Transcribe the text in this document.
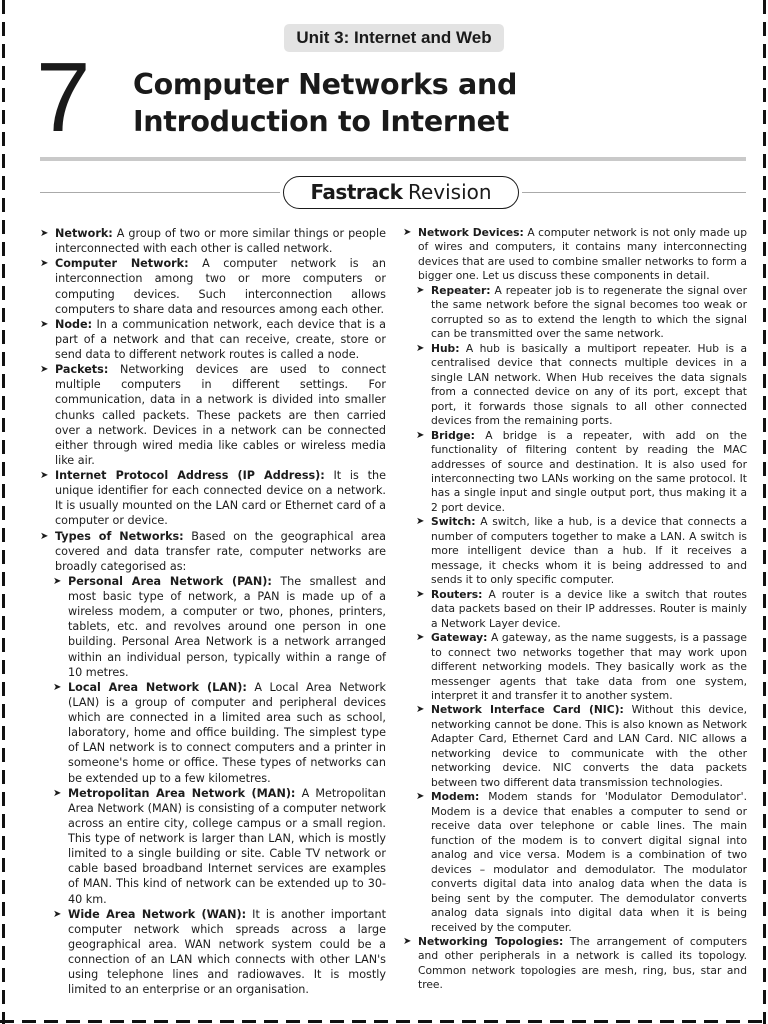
Unit 3: Internet and Web
7 Computer Networks and
Introduction to Internet
Fastrack Revision
➤ Network: A group of two or more similar things or people interconnected with each other is called network.
➤ Computer Network: A computer network is an interconnection among two or more computers or computing devices. Such interconnection allows computers to share data and resources among each other.
➤ Node: In a communication network, each device that is a part of a network and that can receive, create, store or send data to different network routes is called a node.
➤ Packets: Networking devices are used to connect multiple computers in different settings. For communication, data in a network is divided into smaller chunks called packets. These packets are then carried over a network. Devices in a network can be connected either through wired media like cables or wireless media like air.
➤ Internet Protocol Address (IP Address): It is the unique identifier for each connected device on a network. It is usually mounted on the LAN card or Ethernet card of a computer or device.
➤ Types of Networks: Based on the geographical area covered and data transfer rate, computer networks are broadly categorised as:
➤ Personal Area Network (PAN): The smallest and most basic type of network, a PAN is made up of a wireless modem, a computer or two, phones, printers, tablets, etc. and revolves around one person in one building. Personal Area Network is a network arranged within an individual person, typically within a range of 10 metres.
➤ Local Area Network (LAN): A Local Area Network (LAN) is a group of computer and peripheral devices which are connected in a limited area such as school, laboratory, home and office building. The simplest type of LAN network is to connect computers and a printer in someone's home or office. These types of networks can be extended up to a few kilometres.
➤ Metropolitan Area Network (MAN): A Metropolitan Area Network (MAN) is consisting of a computer network across an entire city, college campus or a small region. This type of network is larger than LAN, which is mostly limited to a single building or site. Cable TV network or cable based broadband Internet services are examples of MAN. This kind of network can be extended up to 30-40 km.
➤ Wide Area Network (WAN): It is another important computer network which spreads across a large geographical area. WAN network system could be a connection of an LAN which connects with other LAN's using telephone lines and radiowaves. It is mostly limited to an enterprise or an organisation.
➤ Network Devices: A computer network is not only made up of wires and computers, it contains many interconnecting devices that are used to combine smaller networks to form a bigger one. Let us discuss these components in detail.
➤ Repeater: A repeater job is to regenerate the signal over the same network before the signal becomes too weak or corrupted so as to extend the length to which the signal can be transmitted over the same network.
➤ Hub: A hub is basically a multiport repeater. Hub is a centralised device that connects multiple devices in a single LAN network. When Hub receives the data signals from a connected device on any of its port, except that port, it forwards those signals to all other connected devices from the remaining ports.
➤ Bridge: A bridge is a repeater, with add on the functionality of filtering content by reading the MAC addresses of source and destination. It is also used for interconnecting two LANs working on the same protocol. It has a single input and single output port, thus making it a 2 port device.
➤ Switch: A switch, like a hub, is a device that connects a number of computers together to make a LAN. A switch is more intelligent device than a hub. If it receives a message, it checks whom it is being addressed to and sends it to only specific computer.
➤ Routers: A router is a device like a switch that routes data packets based on their IP addresses. Router is mainly a Network Layer device.
➤ Gateway: A gateway, as the name suggests, is a passage to connect two networks together that may work upon different networking models. They basically work as the messenger agents that take data from one system, interpret it and transfer it to another system.
➤ Network Interface Card (NIC): Without this device, networking cannot be done. This is also known as Network Adapter Card, Ethernet Card and LAN Card. NIC allows a networking device to communicate with the other networking device. NIC converts the data packets between two different data transmission technologies.
➤ Modem: Modem stands for 'Modulator Demodulator'. Modem is a device that enables a computer to send or receive data over telephone or cable lines. The main function of the modem is to convert digital signal into analog and vice versa. Modem is a combination of two devices – modulator and demodulator. The modulator converts digital data into analog data when the data is being sent by the computer. The demodulator converts analog data signals into digital data when it is being received by the computer.
➤ Networking Topologies: The arrangement of computers and other peripherals in a network is called its topology. Common network topologies are mesh, ring, bus, star and tree.
